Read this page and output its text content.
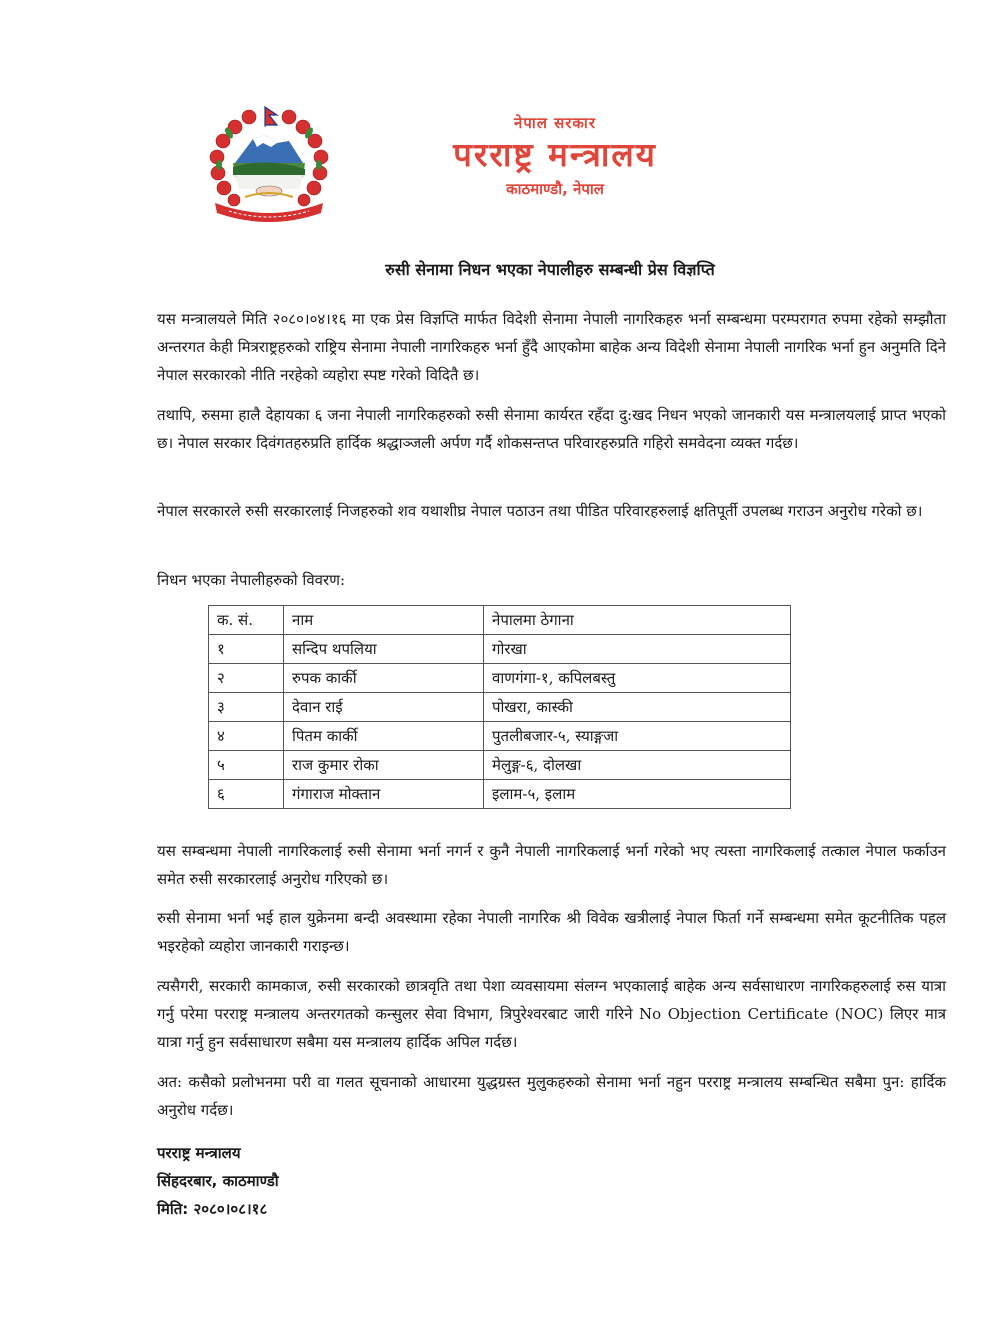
नेपाल सरकार
परराष्ट्र मन्त्रालय
काठमाण्डौ, नेपाल
रुसी सेनामा निधन भएका नेपालीहरु सम्बन्धी प्रेस विज्ञप्ति

यस मन्त्रालयले मिति २०८०।०४।१६ मा एक प्रेस विज्ञप्ति मार्फत विदेशी सेनामा नेपाली नागरिकहरु भर्ना सम्बन्धमा परम्परागत रुपमा रहेको सम्झौता अन्तरगत केही मित्रराष्ट्रहरुको राष्ट्रिय सेनामा नेपाली नागरिकहरु भर्ना हुँदै आएकोमा बाहेक अन्य विदेशी सेनामा नेपाली नागरिक भर्ना हुन अनुमति दिने नेपाल सरकारको नीति नरहेको व्यहोरा स्पष्ट गरेको विदितै छ।

तथापि, रुसमा हालै देहायका ६ जना नेपाली नागरिकहरुको रुसी सेनामा कार्यरत रहँदा दु:खद निधन भएको जानकारी यस मन्त्रालयलाई प्राप्त भएको छ। नेपाल सरकार दिवंगतहरुप्रति हार्दिक श्रद्धाञ्जली अर्पण गर्दै शोकसन्तप्त परिवारहरुप्रति गहिरो समवेदना व्यक्त गर्दछ।

नेपाल सरकारले रुसी सरकारलाई निजहरुको शव यथाशीघ्र नेपाल पठाउन तथा पीडित परिवारहरुलाई क्षतिपूर्ती उपलब्ध गराउन अनुरोध गरेको छ।

निधन भएका नेपालीहरुको विवरण:

क. सं.	नाम	नेपालमा ठेगाना
१	सन्दिप थपलिया	गोरखा
२	रुपक कार्की	वाणगंगा-१, कपिलबस्तु
३	देवान राई	पोखरा, कास्की
४	पितम कार्की	पुतलीबजार-५, स्याङ्गजा
५	राज कुमार रोका	मेलुङ्ग-६, दोलखा
६	गंगाराज मोक्तान	इलाम-५, इलाम

यस सम्बन्धमा नेपाली नागरिकलाई रुसी सेनामा भर्ना नगर्न र कुनै नेपाली नागरिकलाई भर्ना गरेको भए त्यस्ता नागरिकलाई तत्काल नेपाल फर्काउन समेत रुसी सरकारलाई अनुरोध गरिएको छ।

रुसी सेनामा भर्ना भई हाल युक्रेनमा बन्दी अवस्थामा रहेका नेपाली नागरिक श्री विवेक खत्रीलाई नेपाल फिर्ता गर्ने सम्बन्धमा समेत कूटनीतिक पहल भइरहेको व्यहोरा जानकारी गराइन्छ।

त्यसैगरी, सरकारी कामकाज, रुसी सरकारको छात्रवृति तथा पेशा व्यवसायमा संलग्न भएकालाई बाहेक अन्य सर्वसाधारण नागरिकहरुलाई रुस यात्रा गर्नु परेमा परराष्ट्र मन्त्रालय अन्तरगतको कन्सुलर सेवा विभाग, त्रिपुरेश्वरबाट जारी गरिने No Objection Certificate (NOC) लिएर मात्र यात्रा गर्नु हुन सर्वसाधारण सबैमा यस मन्त्रालय हार्दिक अपिल गर्दछ।

अत: कसैको प्रलोभनमा परी वा गलत सूचनाको आधारमा युद्धग्रस्त मुलुकहरुको सेनामा भर्ना नहुन परराष्ट्र मन्त्रालय सम्बन्धित सबैमा पुन: हार्दिक अनुरोध गर्दछ।

परराष्ट्र मन्त्रालय
सिंहदरबार, काठमाण्डौ
मिति: २०८०।०८।१८
